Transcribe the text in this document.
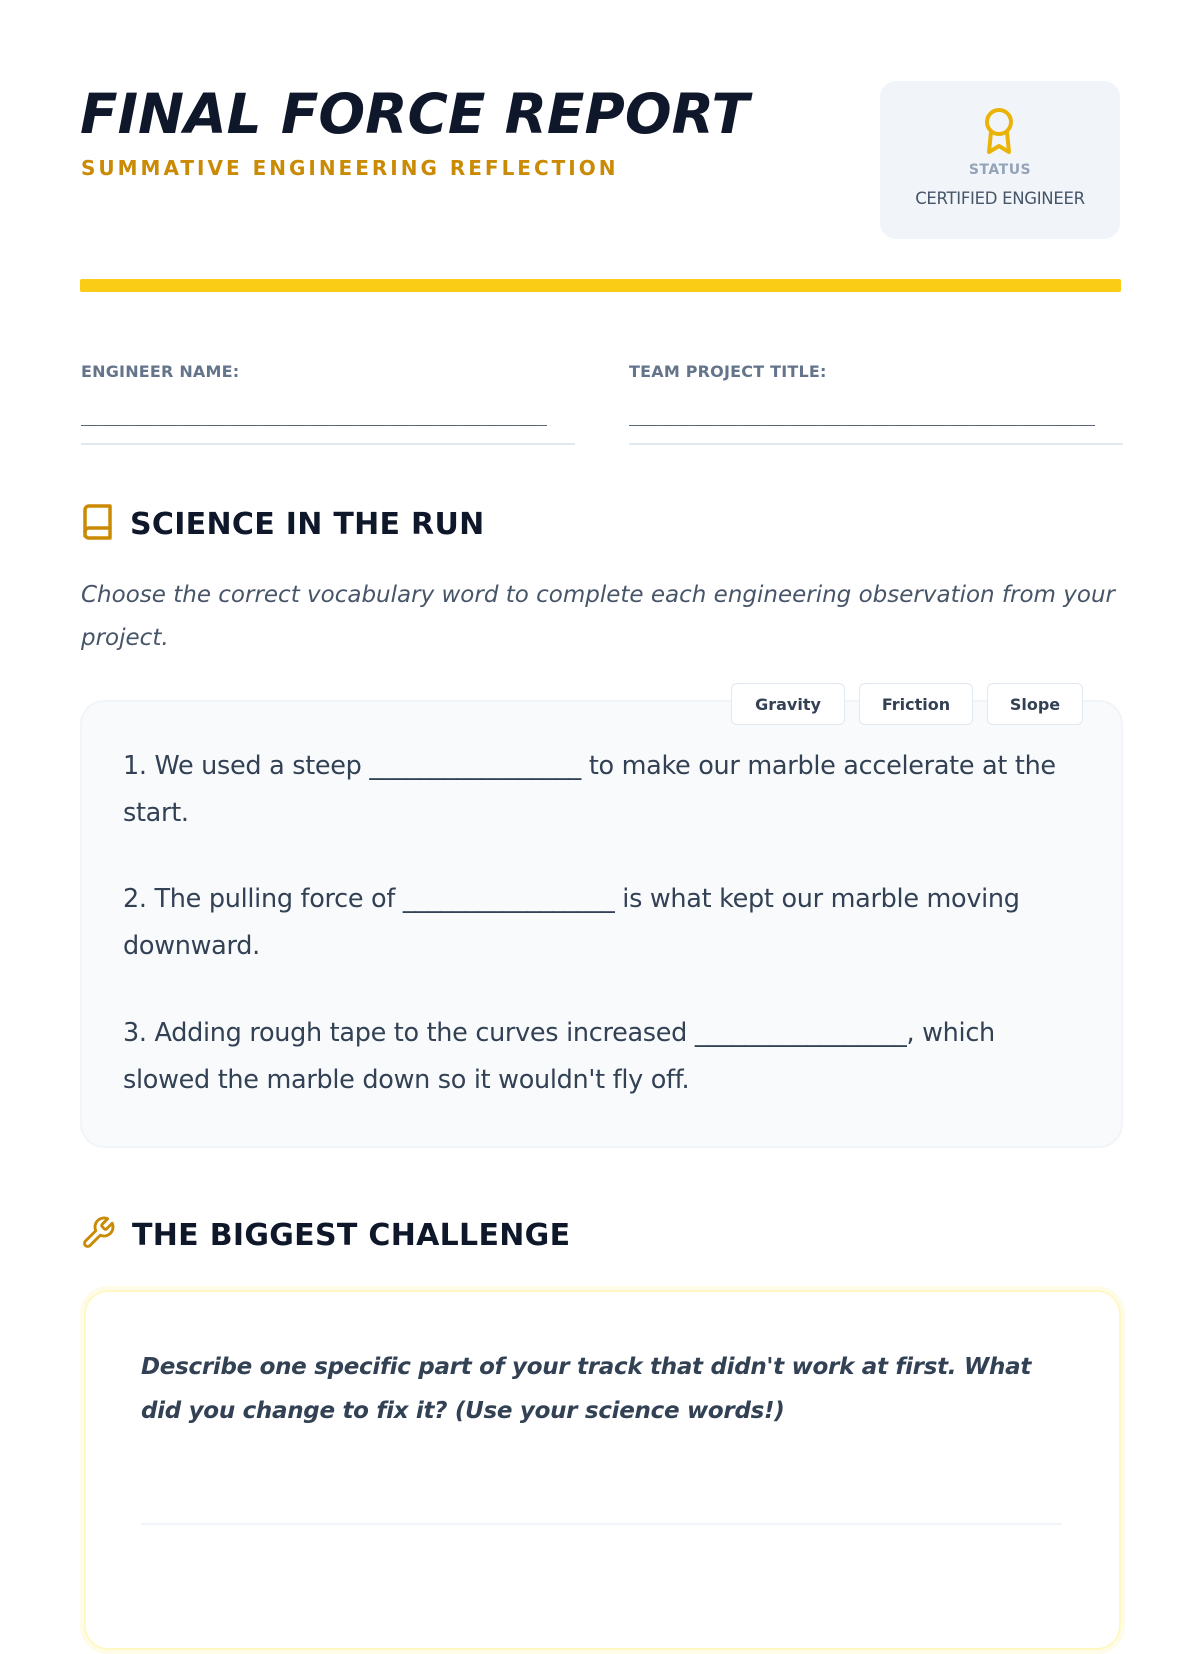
FINAL FORCE REPORT
SUMMATIVE ENGINEERING REFLECTION	STATUS
CERTIFIED ENGINEER
ENGINEER NAME:
________________________________________
TEAM PROJECT TITLE:
________________________________________
SCIENCE IN THE RUN
Choose the correct vocabulary word to complete each engineering observation from your project.
Gravity	Friction	Slope
1. We used a steep _________________ to make our marble accelerate at the start.
2. The pulling force of _________________ is what kept our marble moving downward.
3. Adding rough tape to the curves increased _________________, which slowed the marble down so it wouldn't fly off.
THE BIGGEST CHALLENGE
Describe one specific part of your track that didn't work at first. What did you change to fix it? (Use your science words!)
